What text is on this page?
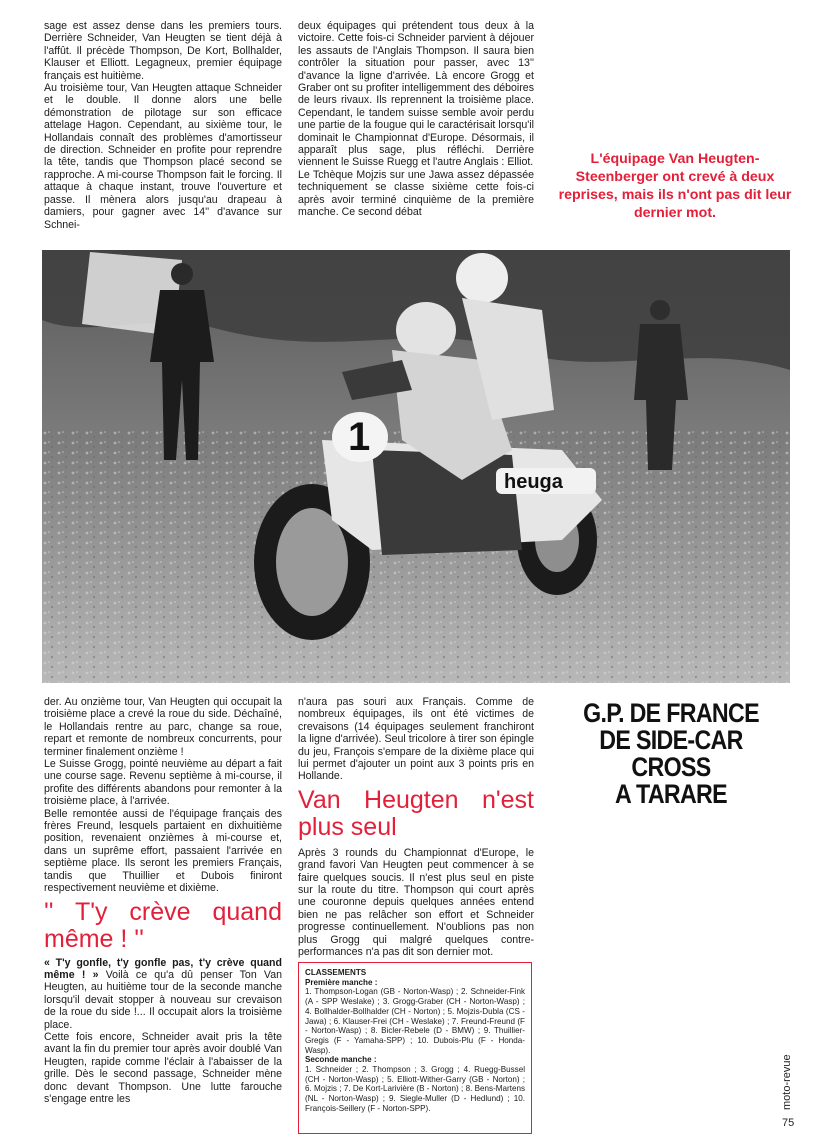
sage est assez dense dans les premiers tours. Derrière Schneider, Van Heugten se tient déjà à l'affût. Il précède Thompson, De Kort, Bollhalder, Klauser et Elliott. Legagneux, premier équipage français est huitième.

Au troisième tour, Van Heugten attaque Schneider et le double. Il donne alors une belle démonstration de pilotage sur son efficace attelage Hagon. Cependant, au sixième tour, le Hollandais connaît des problèmes d'amortisseur de direction. Schneider en profite pour reprendre la tête, tandis que Thompson placé second se rapproche. A mi-course Thompson fait le forcing. Il attaque à chaque instant, trouve l'ouverture et passe. Il mènera alors jusqu'au drapeau à damiers, pour gagner avec 14'' d'avance sur Schnei-

deux équipages qui prétendent tous deux à la victoire. Cette fois-ci Schneider parvient à déjouer les assauts de l'Anglais Thompson. Il saura bien contrôler la situation pour passer, avec 13'' d'avance la ligne d'arrivée. Là encore Grogg et Graber ont su profiter intelligemment des déboires de leurs rivaux. Ils reprennent la troisième place. Cependant, le tandem suisse semble avoir perdu une partie de la fougue qui le caractérisait lorsqu'il dominait le Championnat d'Europe. Désormais, il apparaît plus sage, plus réfléchi. Derrière viennent le Suisse Ruegg et l'autre Anglais : Elliot.

Le Tchèque Mojzis sur une Jawa assez dépassée techniquement se classe sixième cette fois-ci après avoir terminé cinquième de la première manche. Ce second débat

L'équipage Van Heugten-Steenberger ont crevé à deux reprises, mais ils n'ont pas dit leur dernier mot.
heuga
1
G.P. DE FRANCE
DE SIDE-CAR CROSS
A TARARE

der. Au onzième tour, Van Heugten qui occupait la troisième place a crevé la roue du side. Déchaîné, le Hollandais rentre au parc, change sa roue, repart et remonte de nombreux concurrents, pour terminer finalement onzième !

Le Suisse Grogg, pointé neuvième au départ a fait une course sage. Revenu septième à mi-course, il profite des différents abandons pour remonter à la troisième place, à l'arrivée.

Belle remontée aussi de l'équipage français des frères Freund, lesquels partaient en dixhuitième position, revenaient onzièmes à mi-course et, dans un suprême effort, passaient l'arrivée en septième place. Ils seront les premiers Français, tandis que Thuillier et Dubois finiront respectivement neuvième et dixième.

'' T'y crève quand même ! ''

« T'y gonfle, t'y gonfle pas, t'y crève quand même ! » Voilà ce qu'a dû penser Ton Van Heugten, au huitième tour de la seconde manche lorsqu'il devait stopper à nouveau sur crevaison de la roue du side !... Il occupait alors la troisième place.

Cette fois encore, Schneider avait pris la tête avant la fin du premier tour après avoir doublé Van Heugten, rapide comme l'éclair à l'abaisser de la grille. Dès le second passage, Schneider mène donc devant Thompson. Une lutte farouche s'engage entre les

n'aura pas souri aux Français. Comme de nombreux équipages, ils ont été victimes de crevaisons (14 équipages seulement franchiront la ligne d'arrivée). Seul tricolore à tirer son épingle du jeu, François s'empare de la dixième place qui lui permet d'ajouter un point aux 3 points pris en Hollande.

Van Heugten n'est plus seul

Après 3 rounds du Championnat d'Europe, le grand favori Van Heugten peut commencer à se faire quelques soucis. Il n'est plus seul en piste sur la route du titre. Thompson qui court après une couronne depuis quelques années entend bien ne pas relâcher son effort et Schneider progresse continuellement. N'oublions pas non plus Grogg qui malgré quelques contre-performances n'a pas dit son dernier mot.

CLASSEMENTS
Première manche :
1. Thompson-Logan (GB - Norton-Wasp) ; 2. Schneider-Fink (A - SPP Weslake) ; 3. Grogg-Graber (CH - Norton-Wasp) ; 4. Bollhalder-Bollhalder (CH - Norton) ; 5. Mojzis-Dubla (CS - Jawa) ; 6. Klauser-Frei (CH - Weslake) ; 7. Freund-Freund (F - Norton-Wasp) ; 8. Bicler-Rebele (D - BMW) ; 9. Thuillier-Gregis (F - Yamaha-SPP) ; 10. Dubois-Plu (F - Honda-Wasp).
Seconde manche :
1. Schneider ; 2. Thompson ; 3. Grogg ; 4. Ruegg-Bussel (CH - Norton-Wasp) ; 5. Elliott-Wither-Garry (GB - Norton) ; 6. Mojzis ; 7. De Kort-Larivière (B - Norton) ; 8. Bens-Martens (NL - Norton-Wasp) ; 9. Siegle-Muller (D - Hedlund) ; 10. François-Seillery (F - Norton-SPP).	moto-revue
75
